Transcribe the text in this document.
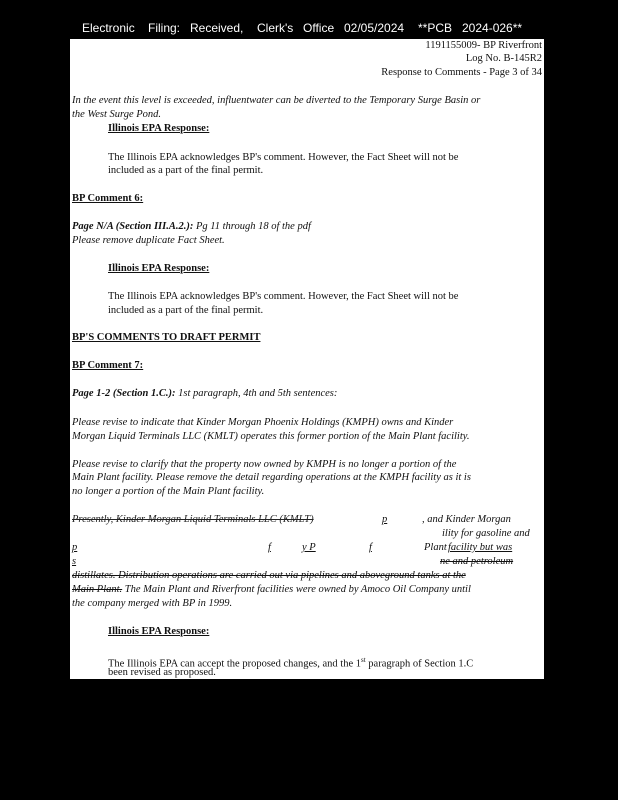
Electronic

Filing:

Received,

Clerk's

Office

02/05/2024

**PCB

2024-026**

1191155009- BP Riverfront
Log No. B-145R2
Response to Comments - Page 3 of 34
In the event this level is exceeded, influentwater can be diverted to the Temporary Surge Basin or
the West Surge Pond.
Illinois EPA Response:
The Illinois EPA acknowledges BP's comment. However, the Fact Sheet will not be
included as a part of the final permit.
BP Comment 6:
Page N/A (Section III.A.2.): Pg 11 through 18 of the pdf
Please remove duplicate Fact Sheet.
Illinois EPA Response:
The Illinois EPA acknowledges BP's comment. However, the Fact Sheet will not be
included as a part of the final permit.
BP'S COMMENTS TO DRAFT PERMIT
BP Comment 7:
Page 1-2 (Section 1.C.): 1st paragraph, 4th and 5th sentences:
Please revise to indicate that Kinder Morgan Phoenix Holdings (KMPH) owns and Kinder
Morgan Liquid Terminals LLC (KMLT) operates this former portion of the Main Plant facility.
Please revise to clarify that the property now owned by KMPH is no longer a portion of the
Main Plant facility. Please remove the detail regarding operations at the KMPH facility as it is
no longer a portion of the Main Plant facility.
Presently, Kinder Morgan Liquid Terminals LLC (KMLT)	p	, and Kinder Morgan
ility for gasoline and
p	f	y P	f	Plant facility but was
s	ne and petroleum
distillates. Distribution operations are carried out via pipelines and aboveground tanks at the
Main Plant. The Main Plant and Riverfront facilities were owned by Amoco Oil Company until
the company merged with BP in 1999.
Illinois EPA Response:
The Illinois EPA can accept the proposed changes, and the 1st paragraph of Section 1.C
been revised as proposed.
